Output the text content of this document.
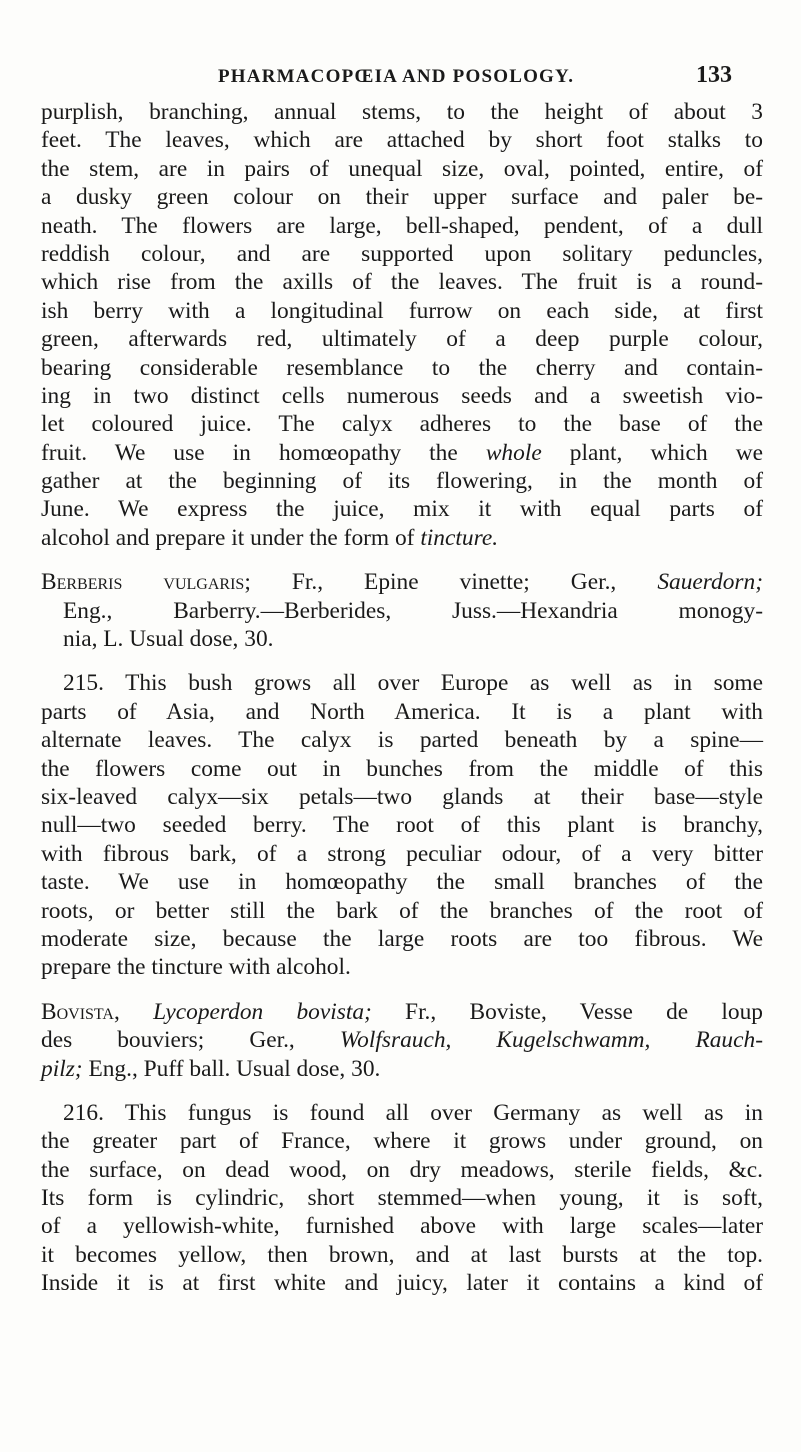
PHARMACOPŒIA AND POSOLOGY.	133
purplish, branching, annual stems, to the height of about 3
feet. The leaves, which are attached by short foot stalks to
the stem, are in pairs of unequal size, oval, pointed, entire, of
a dusky green colour on their upper surface and paler be-
neath. The flowers are large, bell-shaped, pendent, of a dull
reddish colour, and are supported upon solitary peduncles,
which rise from the axills of the leaves. The fruit is a round-
ish berry with a longitudinal furrow on each side, at first
green, afterwards red, ultimately of a deep purple colour,
bearing considerable resemblance to the cherry and contain-
ing in two distinct cells numerous seeds and a sweetish vio-
let coloured juice. The calyx adheres to the base of the
fruit. We use in homœopathy the whole plant, which we
gather at the beginning of its flowering, in the month of
June. We express the juice, mix it with equal parts of
alcohol and prepare it under the form of tincture.
Berberis vulgaris; Fr., Epine vinette; Ger., Sauerdorn;
Eng., Barberry.—Berberides, Juss.—Hexandria monogy-
nia, L. Usual dose, 30.
215. This bush grows all over Europe as well as in some
parts of Asia, and North America. It is a plant with
alternate leaves. The calyx is parted beneath by a spine—
the flowers come out in bunches from the middle of this
six-leaved calyx—six petals—two glands at their base—style
null—two seeded berry. The root of this plant is branchy,
with fibrous bark, of a strong peculiar odour, of a very bitter
taste. We use in homœopathy the small branches of the
roots, or better still the bark of the branches of the root of
moderate size, because the large roots are too fibrous. We
prepare the tincture with alcohol.
Bovista, Lycoperdon bovista; Fr., Boviste, Vesse de loup
des bouviers; Ger., Wolfsrauch, Kugelschwamm, Rauch-
pilz; Eng., Puff ball. Usual dose, 30.
216. This fungus is found all over Germany as well as in
the greater part of France, where it grows under ground, on
the surface, on dead wood, on dry meadows, sterile fields, &c.
Its form is cylindric, short stemmed—when young, it is soft,
of a yellowish-white, furnished above with large scales—later
it becomes yellow, then brown, and at last bursts at the top.
Inside it is at first white and juicy, later it contains a kind of
